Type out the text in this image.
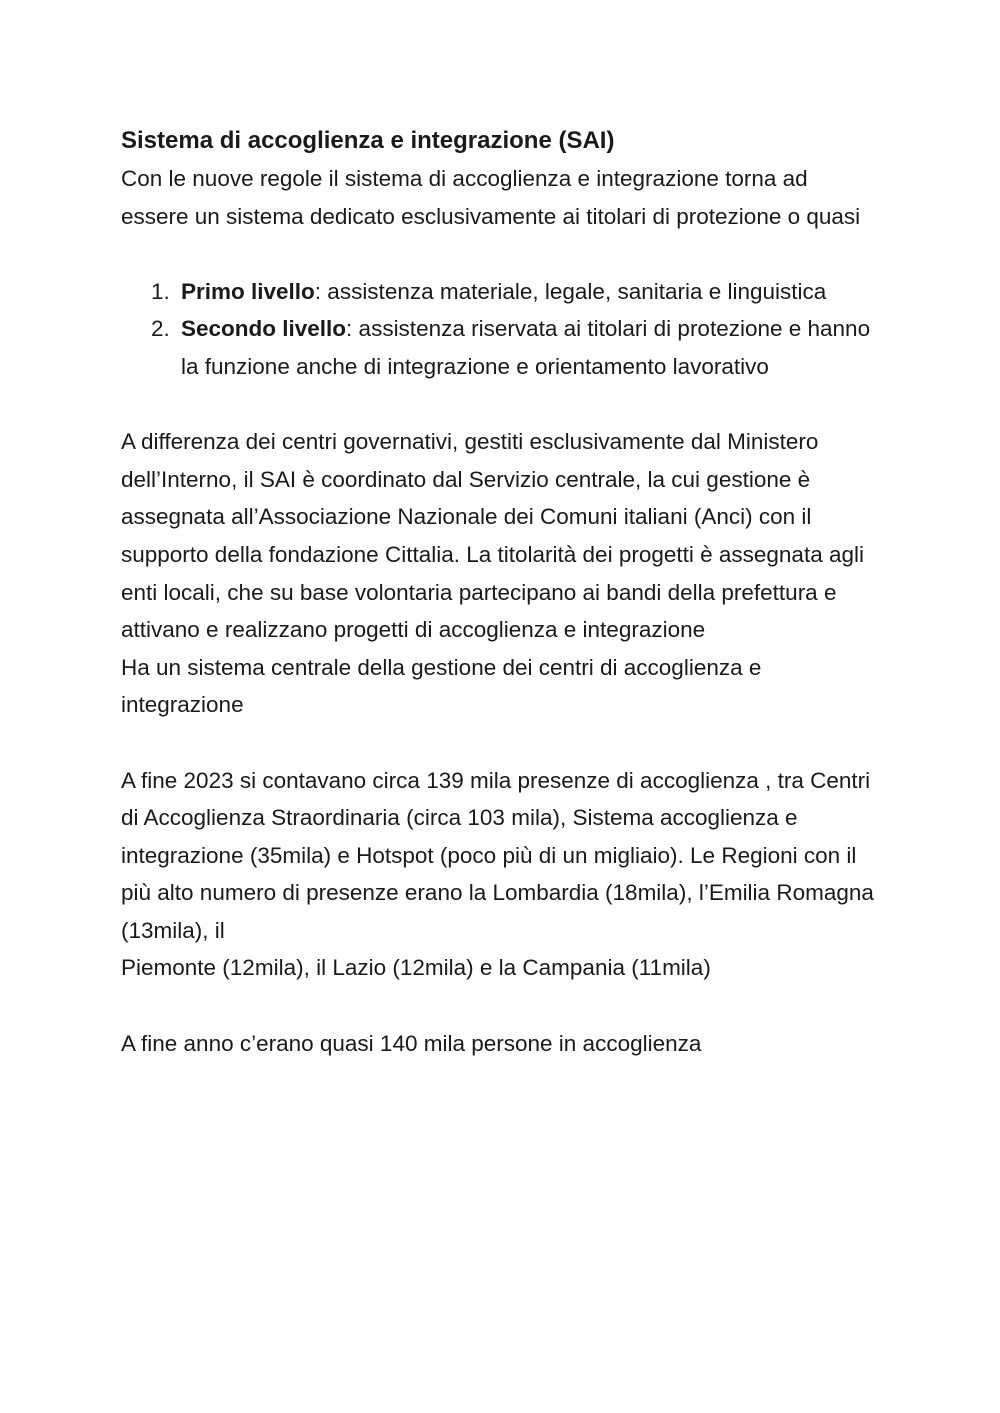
Sistema di accoglienza e integrazione (SAI)

Con le nuove regole il sistema di accoglienza e integrazione torna ad essere un sistema dedicato esclusivamente ai titolari di protezione o quasi

1. Primo livello: assistenza materiale, legale, sanitaria e linguistica
2. Secondo livello: assistenza riservata ai titolari di protezione e hanno la funzione anche di integrazione e orientamento lavorativo

A differenza dei centri governativi, gestiti esclusivamente dal Ministero dell’Interno, il SAI è coordinato dal Servizio centrale, la cui gestione è assegnata all’Associazione Nazionale dei Comuni italiani (Anci) con il supporto della fondazione Cittalia. La titolarità dei progetti è assegnata agli enti locali, che su base volontaria partecipano ai bandi della prefettura e attivano e realizzano progetti di accoglienza e integrazione

Ha un sistema centrale della gestione dei centri di accoglienza e integrazione

A fine 2023 si contavano circa 139 mila presenze di accoglienza , tra Centri di Accoglienza Straordinaria (circa 103 mila), Sistema accoglienza e integrazione (35mila) e Hotspot (poco più di un migliaio). Le Regioni con il più alto numero di presenze erano la Lombardia (18mila), l’Emilia Romagna (13mila), il

Piemonte (12mila), il Lazio (12mila) e la Campania (11mila)

A fine anno c’erano quasi 140 mila persone in accoglienza
